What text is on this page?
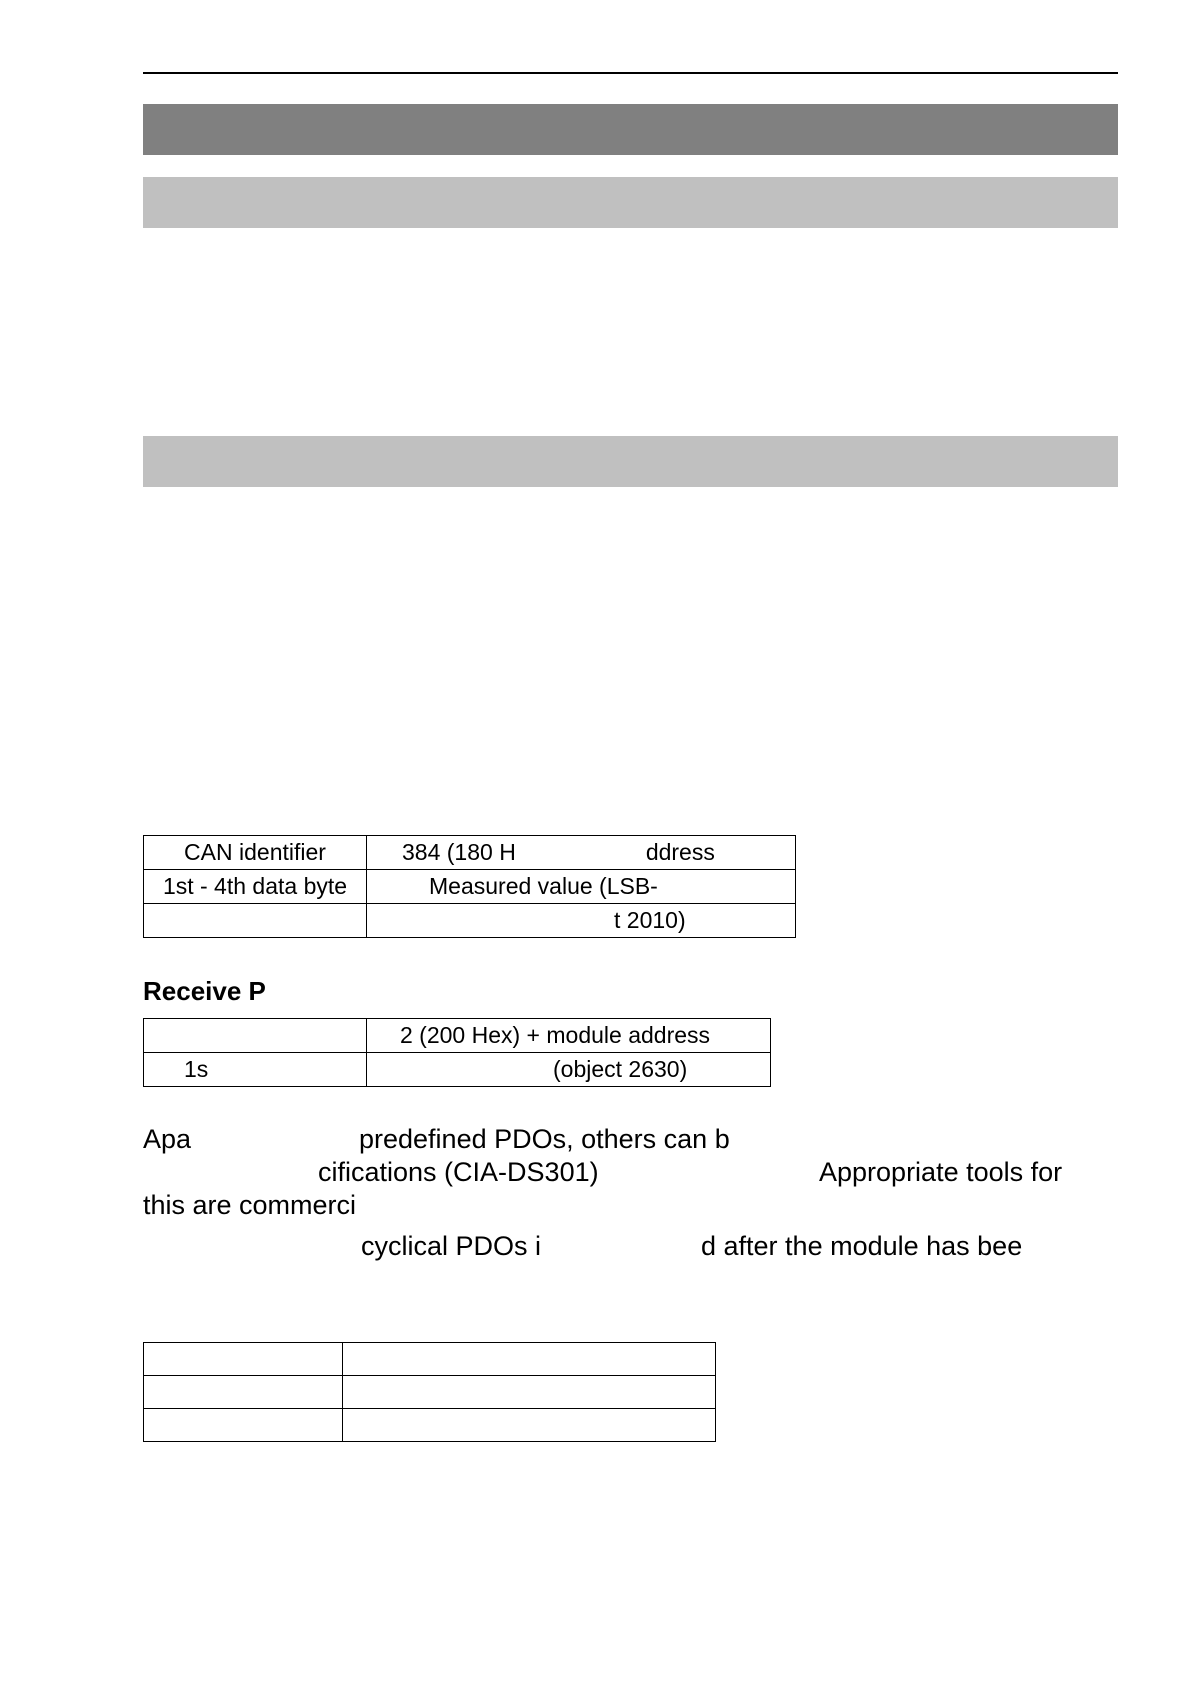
CAN identifier	384 (180 H ddress
1st - 4th data byte	Measured value (LSB-
	t 2010)
Receive P
	2 (200 Hex) + module address
1s	(object 2630)
Apa	predefined PDOs, others can b
cifications (CIA-DS301)	Appropriate tools for
this are commerci
cyclical PDOs i	d after the module has bee
